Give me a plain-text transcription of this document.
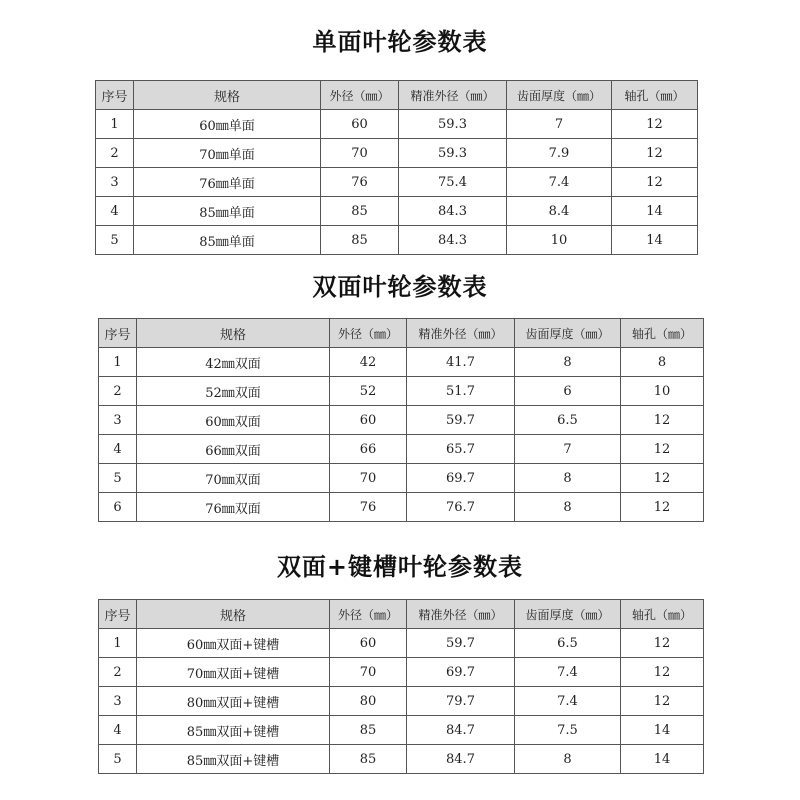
单面叶轮参数表
序号	规格	外径（㎜）	精准外径（㎜）	齿面厚度（㎜）	轴孔（㎜）
1	60㎜单面	60	59.3	7	12
2	70㎜单面	70	59.3	7.9	12
3	76㎜单面	76	75.4	7.4	12
4	85㎜单面	85	84.3	8.4	14
5	85㎜单面	85	84.3	10	14
双面叶轮参数表
序号	规格	外径（㎜）	精准外径（㎜）	齿面厚度（㎜）	轴孔（㎜）
1	42㎜双面	42	41.7	8	8
2	52㎜双面	52	51.7	6	10
3	60㎜双面	60	59.7	6.5	12
4	66㎜双面	66	65.7	7	12
5	70㎜双面	70	69.7	8	12
6	76㎜双面	76	76.7	8	12
双面+键槽叶轮参数表
序号	规格	外径（㎜）	精准外径（㎜）	齿面厚度（㎜）	轴孔（㎜）
1	60㎜双面+键槽	60	59.7	6.5	12
2	70㎜双面+键槽	70	69.7	7.4	12
3	80㎜双面+键槽	80	79.7	7.4	12
4	85㎜双面+键槽	85	84.7	7.5	14
5	85㎜双面+键槽	85	84.7	8	14
